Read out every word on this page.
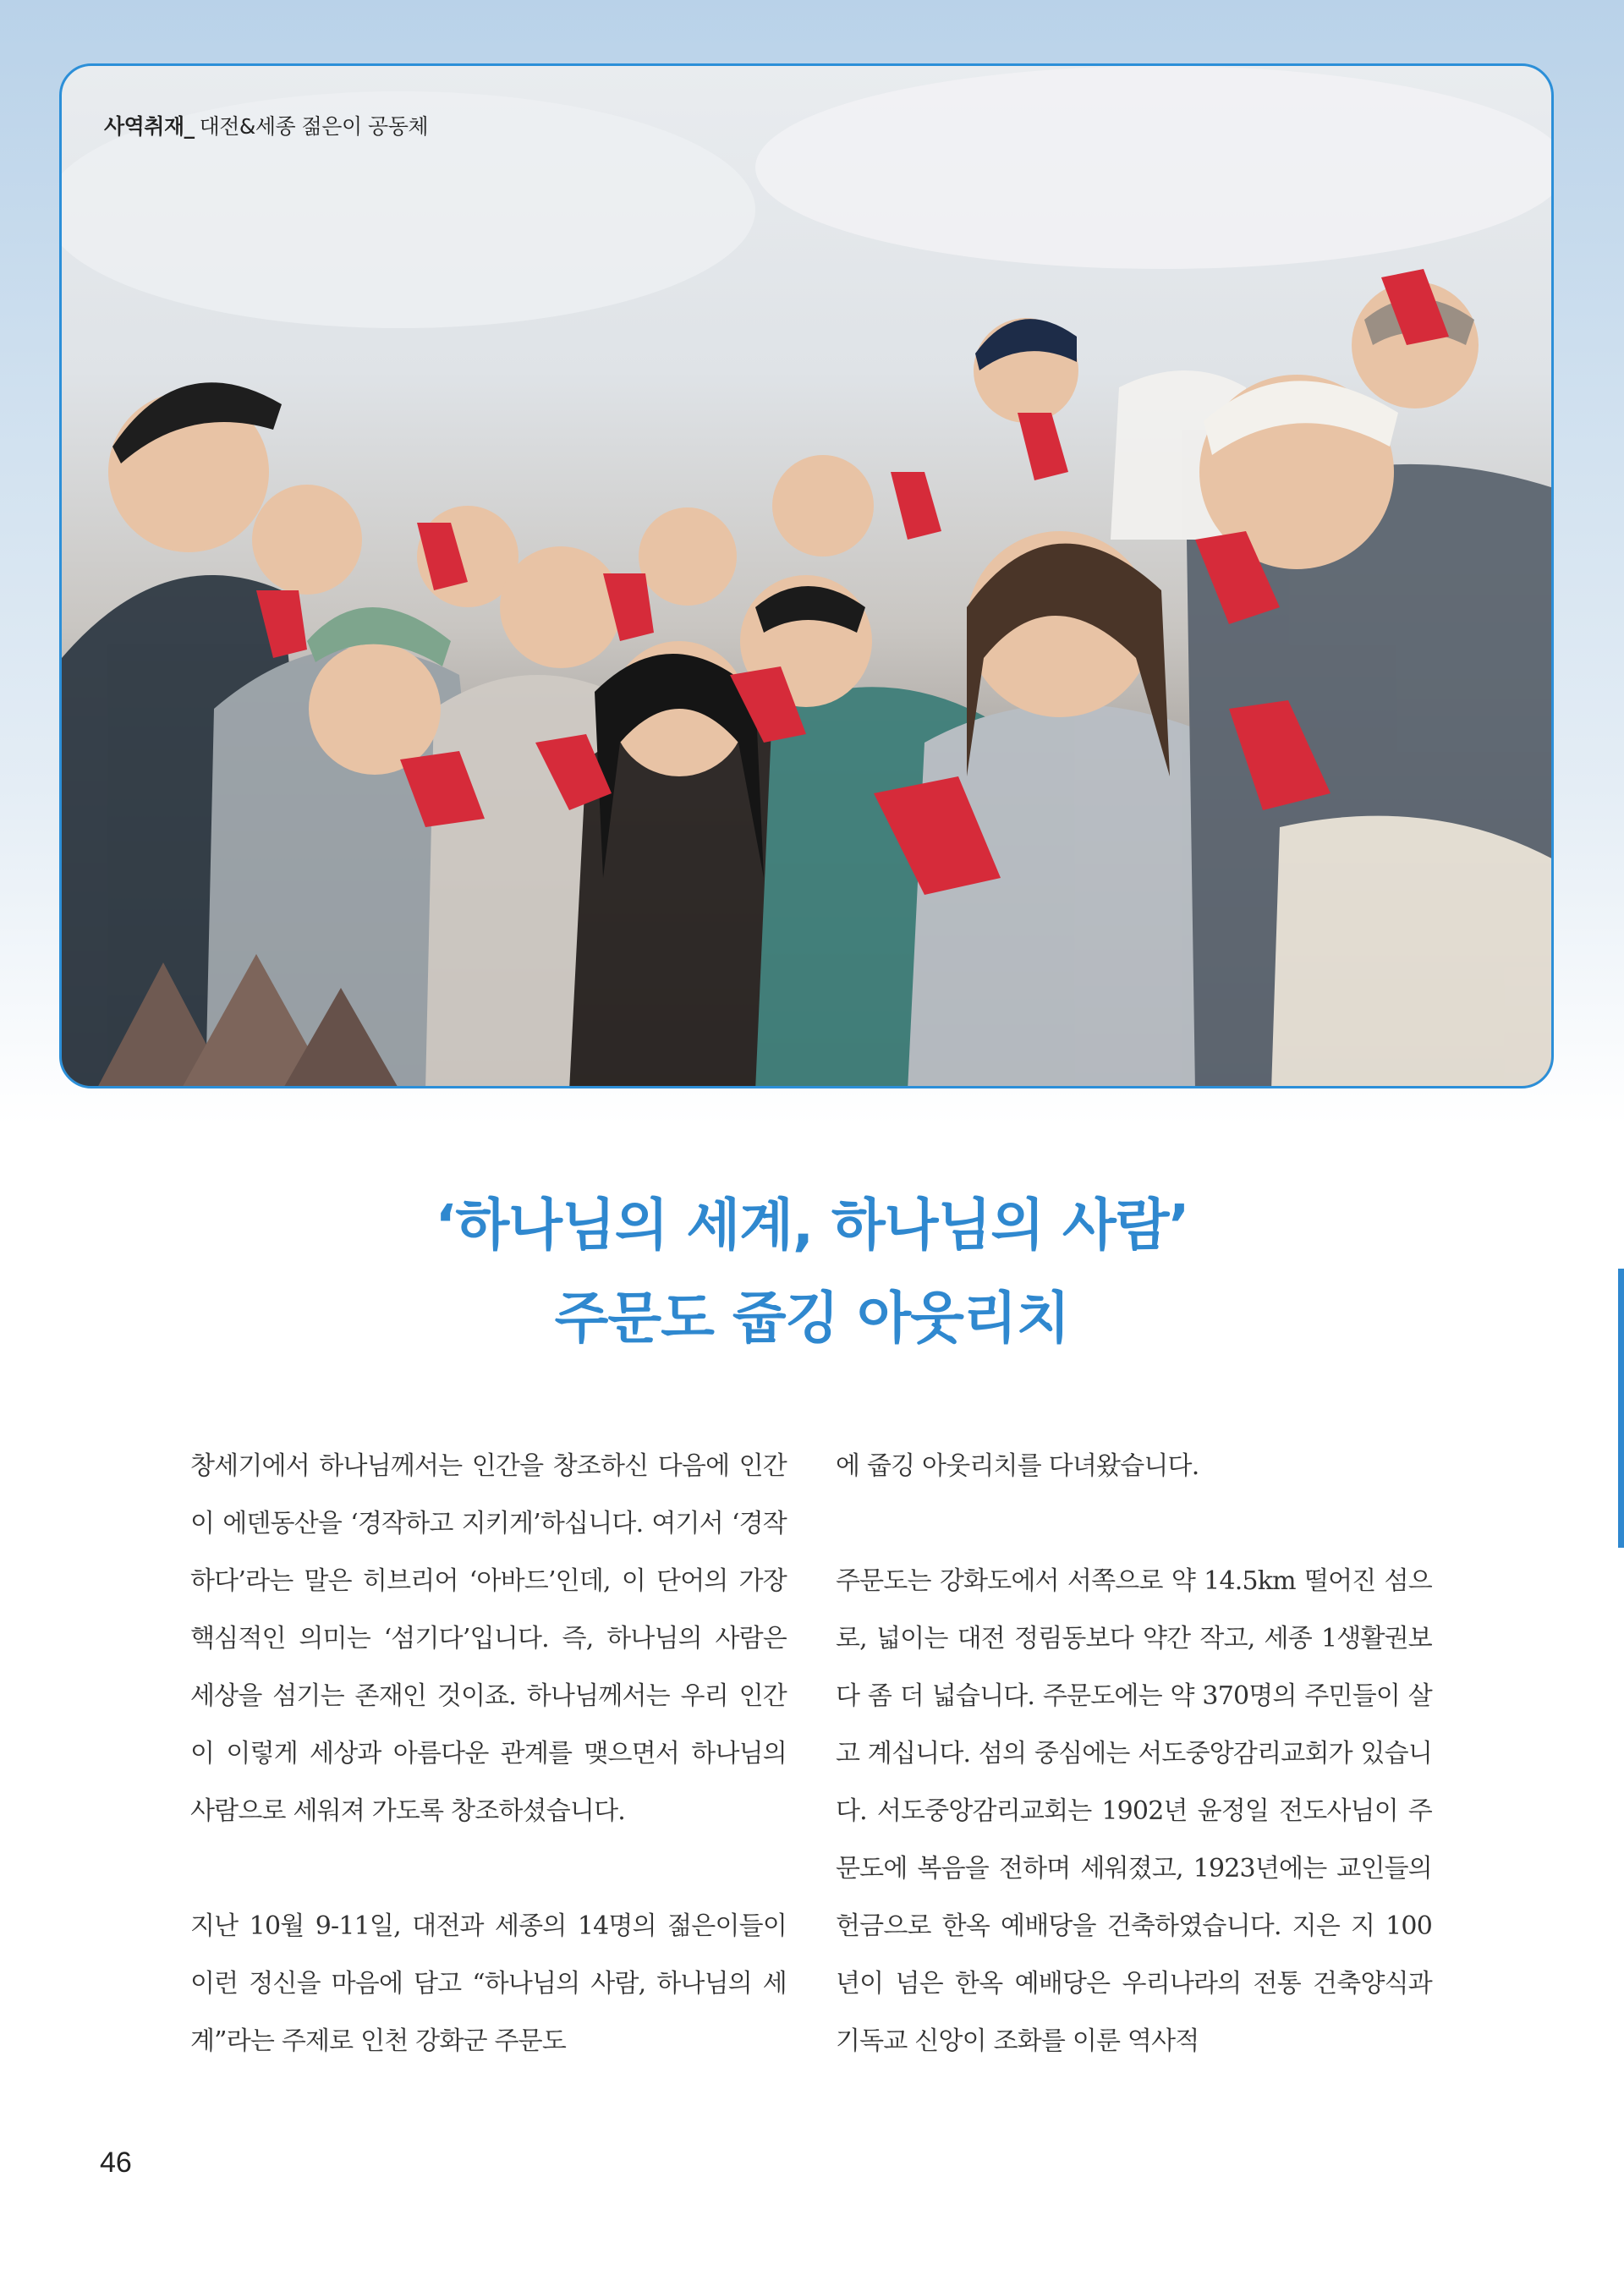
사역취재_ 대전&세종 젊은이 공동체
‘하나님의 세계, 하나님의 사람’
주문도 줍깅 아웃리치

창세기에서 하나님께서는 인간을 창조하신 다음에 인간이 에덴동산을 ‘경작하고 지키게’하십니다. 여기서 ‘경작하다’라는 말은 히브리어 ‘아바드’인데, 이 단어의 가장 핵심적인 의미는 ‘섬기다’입니다. 즉, 하나님의 사람은 세상을 섬기는 존재인 것이죠. 하나님께서는 우리 인간이 이렇게 세상과 아름다운 관계를 맺으면서 하나님의 사람으로 세워져 가도록 창조하셨습니다.

지난 10월 9-11일, 대전과 세종의 14명의 젊은이들이 이런 정신을 마음에 담고 “하나님의 사람, 하나님의 세계”라는 주제로 인천 강화군 주문도

에 줍깅 아웃리치를 다녀왔습니다.

주문도는 강화도에서 서쪽으로 약 14.5km 떨어진 섬으로, 넓이는 대전 정림동보다 약간 작고, 세종 1생활권보다 좀 더 넓습니다. 주문도에는 약 370명의 주민들이 살고 계십니다. 섬의 중심에는 서도중앙감리교회가 있습니다. 서도중앙감리교회는 1902년 윤정일 전도사님이 주문도에 복음을 전하며 세워졌고, 1923년에는 교인들의 헌금으로 한옥 예배당을 건축하였습니다. 지은 지 100년이 넘은 한옥 예배당은 우리나라의 전통 건축양식과 기독교 신앙이 조화를 이룬 역사적

46
